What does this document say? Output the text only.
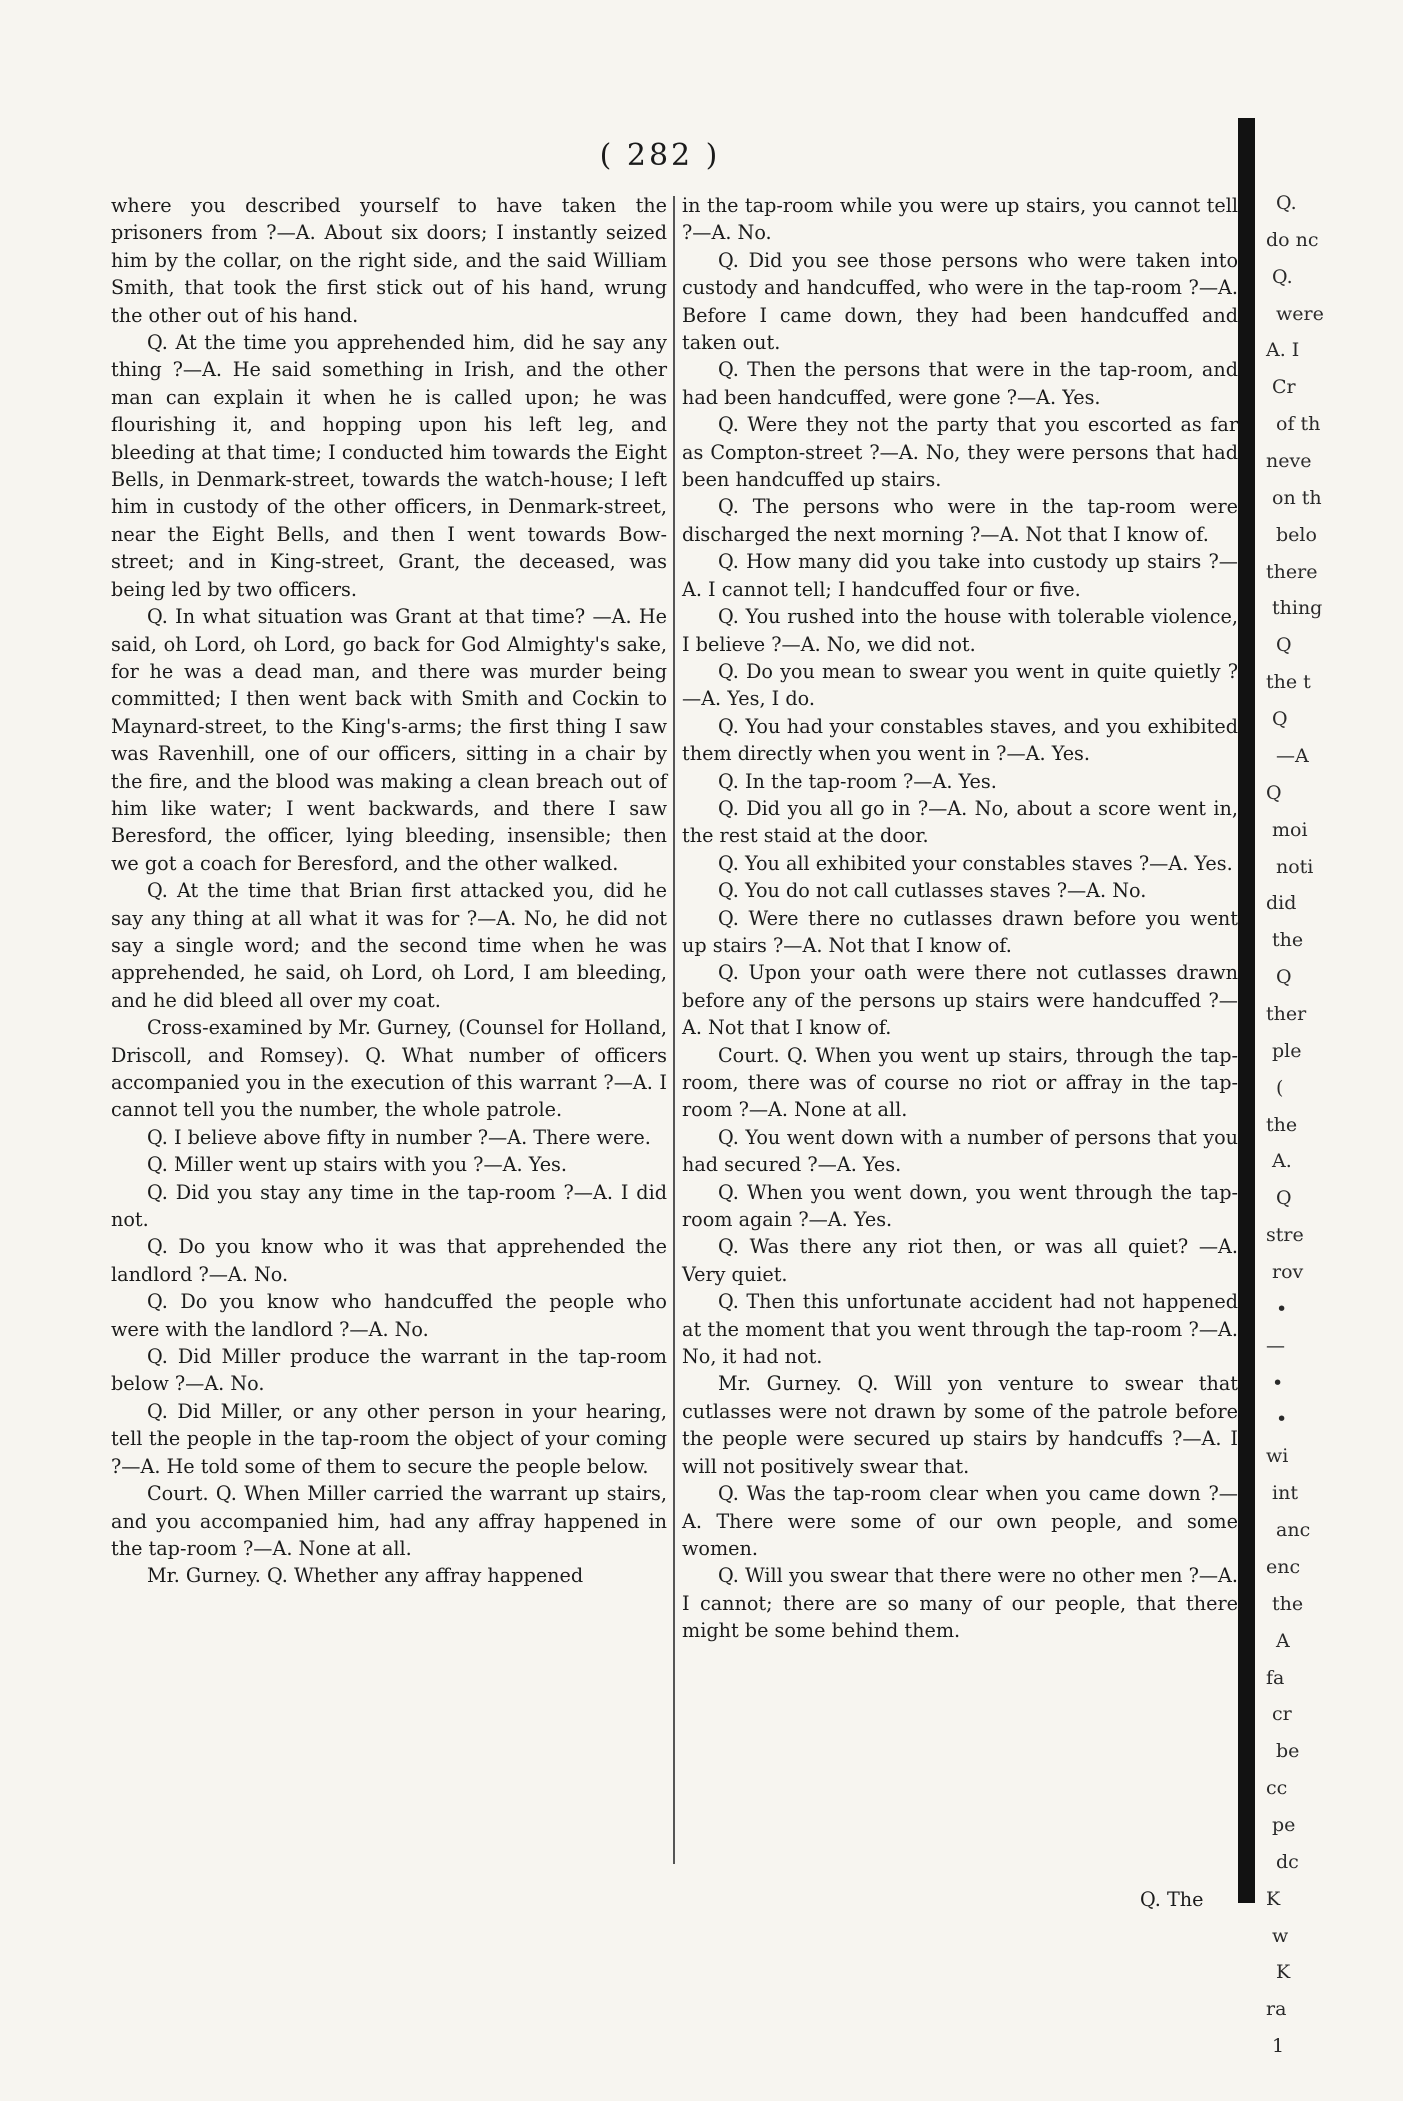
( 282 )

where you described yourself to have taken the prisoners from ?—A. About six doors; I instantly seized him by the collar, on the right side, and the said William Smith, that took the first stick out of his hand, wrung the other out of his hand.

Q. At the time you apprehended him, did he say any thing ?—A. He said something in Irish, and the other man can explain it when he is called upon; he was flourishing it, and hopping upon his left leg, and bleeding at that time; I conducted him towards the Eight Bells, in Denmark-street, towards the watch-house; I left him in custody of the other officers, in Denmark-street, near the Eight Bells, and then I went towards Bow-street; and in King-street, Grant, the deceased, was being led by two officers.

Q. In what situation was Grant at that time? —A. He said, oh Lord, oh Lord, go back for God Almighty's sake, for he was a dead man, and there was murder being committed; I then went back with Smith and Cockin to Maynard-street, to the King's-arms; the first thing I saw was Ravenhill, one of our officers, sitting in a chair by the fire, and the blood was making a clean breach out of him like water; I went backwards, and there I saw Beresford, the officer, lying bleeding, insensible; then we got a coach for Beresford, and the other walked.

Q. At the time that Brian first attacked you, did he say any thing at all what it was for ?—A. No, he did not say a single word; and the second time when he was apprehended, he said, oh Lord, oh Lord, I am bleeding, and he did bleed all over my coat.

Cross-examined by Mr. Gurney, (Counsel for Holland, Driscoll, and Romsey). Q. What number of officers accompanied you in the execution of this warrant ?—A. I cannot tell you the number, the whole patrole.

Q. I believe above fifty in number ?—A. There were.

Q. Miller went up stairs with you ?—A. Yes.

Q. Did you stay any time in the tap-room ?—A. I did not.

Q. Do you know who it was that apprehended the landlord ?—A. No.

Q. Do you know who handcuffed the people who were with the landlord ?—A. No.

Q. Did Miller produce the warrant in the tap-room below ?—A. No.

Q. Did Miller, or any other person in your hearing, tell the people in the tap-room the object of your coming ?—A. He told some of them to secure the people below.

Court. Q. When Miller carried the warrant up stairs, and you accompanied him, had any affray happened in the tap-room ?—A. None at all.

Mr. Gurney. Q. Whether any affray happened

in the tap-room while you were up stairs, you cannot tell ?—A. No.

Q. Did you see those persons who were taken into custody and handcuffed, who were in the tap-room ?—A. Before I came down, they had been handcuffed and taken out.

Q. Then the persons that were in the tap-room, and had been handcuffed, were gone ?—A. Yes.

Q. Were they not the party that you escorted as far as Compton-street ?—A. No, they were persons that had been handcuffed up stairs.

Q. The persons who were in the tap-room were discharged the next morning ?—A. Not that I know of.

Q. How many did you take into custody up stairs ?—A. I cannot tell; I handcuffed four or five.

Q. You rushed into the house with tolerable violence, I believe ?—A. No, we did not.

Q. Do you mean to swear you went in quite quietly ?—A. Yes, I do.

Q. You had your constables staves, and you exhibited them directly when you went in ?—A. Yes.

Q. In the tap-room ?—A. Yes.

Q. Did you all go in ?—A. No, about a score went in, the rest staid at the door.

Q. You all exhibited your constables staves ?—A. Yes.

Q. You do not call cutlasses staves ?—A. No.

Q. Were there no cutlasses drawn before you went up stairs ?—A. Not that I know of.

Q. Upon your oath were there not cutlasses drawn before any of the persons up stairs were handcuffed ?—A. Not that I know of.

Court. Q. When you went up stairs, through the tap-room, there was of course no riot or affray in the tap-room ?—A. None at all.

Q. You went down with a number of persons that you had secured ?—A. Yes.

Q. When you went down, you went through the tap-room again ?—A. Yes.

Q. Was there any riot then, or was all quiet? —A. Very quiet.

Q. Then this unfortunate accident had not happened at the moment that you went through the tap-room ?—A. No, it had not.

Mr. Gurney. Q. Will yon venture to swear that cutlasses were not drawn by some of the patrole before the people were secured up stairs by handcuffs ?—A. I will not positively swear that.

Q. Was the tap-room clear when you came down ?—A. There were some of our own people, and some women.

Q. Will you swear that there were no other men ?—A. I cannot; there are so many of our people, that there might be some behind them.

Q. The
Q.
do nc
Q.
were
A. I
Cr
of th
neve
on th
belo
there
thing
Q
the t
Q
—A
Q
moi
noti
did
the
Q
ther
ple
(
the
A.
Q
stre
rov
•
—
•
•
wi
int
anc
enc
the
A
fa
cr
be
cc
pe
dc
K
w
K
ra
1
